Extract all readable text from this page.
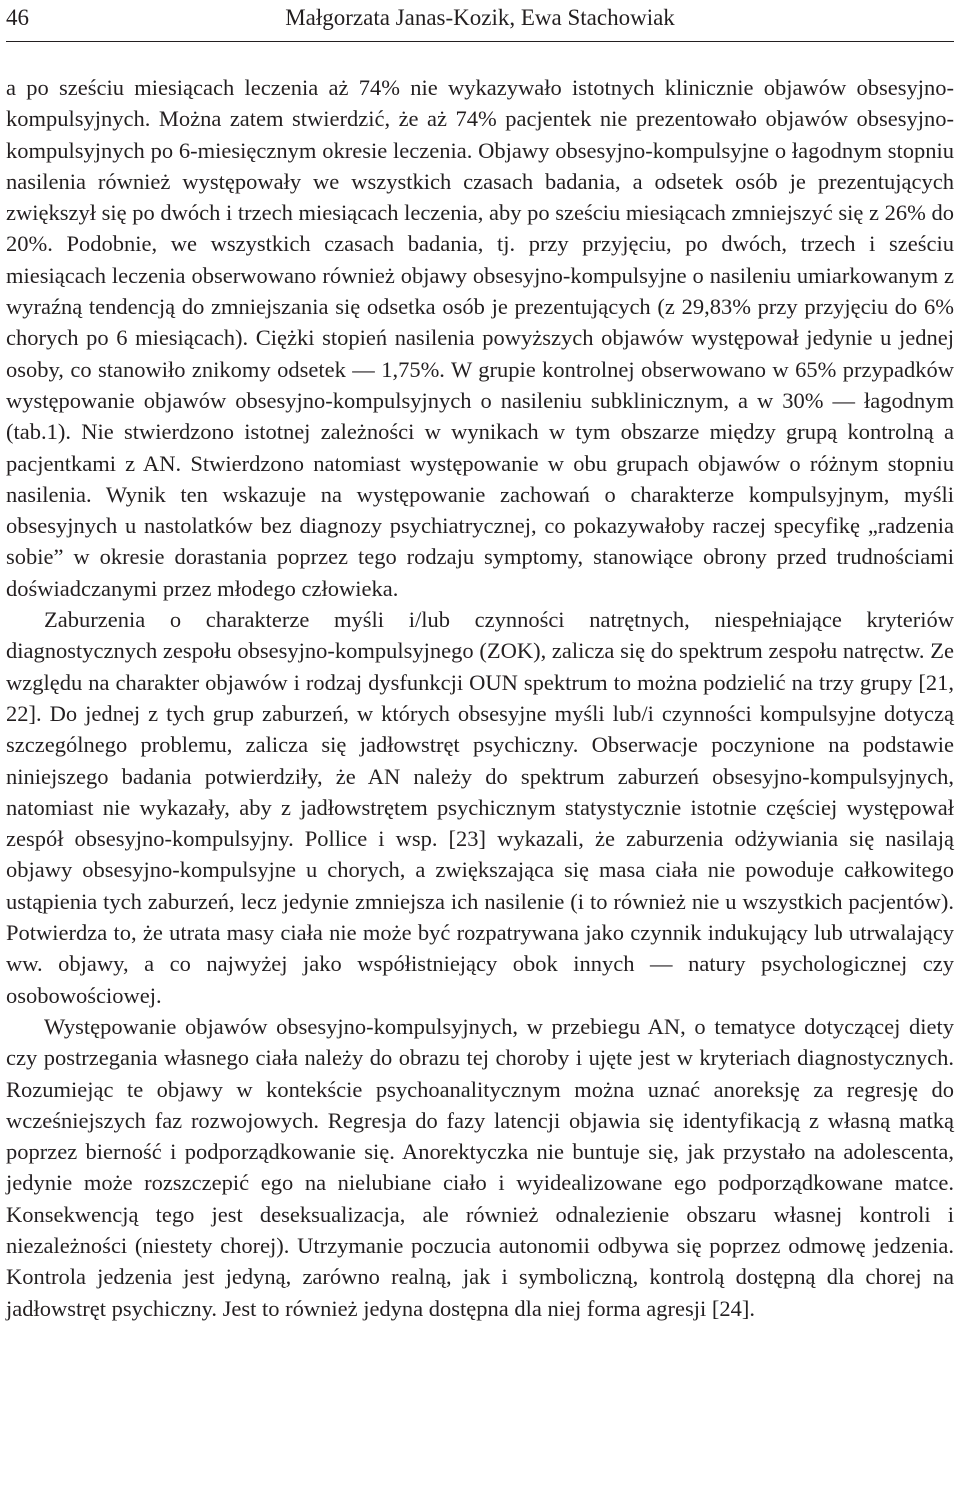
46	Małgorzata Janas-Kozik, Ewa Stachowiak

a po sześciu miesiącach leczenia aż 74% nie wykazywało istotnych klinicznie objawów obsesyjno-kompulsyjnych. Można zatem stwierdzić, że aż 74% pacjentek nie prezentowało objawów obsesyjno-kompulsyjnych po 6-miesięcznym okresie leczenia. Objawy obsesyjno-kompulsyjne o łagodnym stopniu nasilenia również występowały we wszystkich czasach badania, a odsetek osób je prezentujących zwiększył się po dwóch i trzech miesiącach leczenia, aby po sześciu miesiącach zmniejszyć się z 26% do 20%. Podobnie, we wszystkich czasach badania, tj. przy przyjęciu, po dwóch, trzech i sześciu miesiącach leczenia obserwowano również objawy obsesyjno-kompulsyjne o nasileniu umiarkowanym z wyraźną tendencją do zmniejszania się odsetka osób je prezentujących (z 29,83% przy przyjęciu do 6% chorych po 6 miesiącach). Ciężki stopień nasilenia powyższych objawów występował jedynie u jednej osoby, co stanowiło znikomy odsetek — 1,75%. W grupie kontrolnej obserwowano w 65% przypadków występowanie objawów obsesyjno-kompulsyjnych o nasileniu subklinicznym, a w 30% — łagodnym (tab.1). Nie stwierdzono istotnej zależności w wynikach w tym obszarze między grupą kontrolną a pacjentkami z AN. Stwierdzono natomiast występowanie w obu grupach objawów o różnym stopniu nasilenia. Wynik ten wskazuje na występowanie zachowań o charakterze kompulsyjnym, myśli obsesyjnych u nastolatków bez diagnozy psychiatrycznej, co pokazywałoby raczej specyfikę „radzenia sobie” w okresie dorastania poprzez tego rodzaju symptomy, stanowiące obrony przed trudnościami doświadczanymi przez młodego człowieka.

Zaburzenia o charakterze myśli i/lub czynności natrętnych, niespełniające kryteriów diagnostycznych zespołu obsesyjno-kompulsyjnego (ZOK), zalicza się do spektrum zespołu natręctw. Ze względu na charakter objawów i rodzaj dysfunkcji OUN spektrum to można podzielić na trzy grupy [21, 22]. Do jednej z tych grup zaburzeń, w których obsesyjne myśli lub/i czynności kompulsyjne dotyczą szczególnego problemu, zalicza się jadłowstręt psychiczny. Obserwacje poczynione na podstawie niniejszego badania potwierdziły, że AN należy do spektrum zaburzeń obsesyjno-kompulsyjnych, natomiast nie wykazały, aby z jadłowstrętem psychicznym statystycznie istotnie częściej występował zespół obsesyjno-kompulsyjny. Pollice i wsp. [23] wykazali, że zaburzenia odżywiania się nasilają objawy obsesyjno-kompulsyjne u chorych, a zwiększająca się masa ciała nie powoduje całkowitego ustąpienia tych zaburzeń, lecz jedynie zmniejsza ich nasilenie (i to również nie u wszystkich pacjentów). Potwierdza to, że utrata masy ciała nie może być rozpatrywana jako czynnik indukujący lub utrwalający ww. objawy, a co najwyżej jako współistniejący obok innych — natury psychologicznej czy osobowościowej.

Występowanie objawów obsesyjno-kompulsyjnych, w przebiegu AN, o tematyce dotyczącej diety czy postrzegania własnego ciała należy do obrazu tej choroby i ujęte jest w kryteriach diagnostycznych. Rozumiejąc te objawy w kontekście psychoanalitycznym można uznać anoreksję za regresję do wcześniejszych faz rozwojowych. Regresja do fazy latencji objawia się identyfikacją z własną matką poprzez bierność i podporządkowanie się. Anorektyczka nie buntuje się, jak przystało na adolescenta, jedynie może rozszczepić ego na nielubiane ciało i wyidealizowane ego podporządkowane matce. Konsekwencją tego jest deseksualizacja, ale również odnalezienie obszaru własnej kontroli i niezależności (niestety chorej). Utrzymanie poczucia autonomii odbywa się poprzez odmowę jedzenia. Kontrola jedzenia jest jedyną, zarówno realną, jak i symboliczną, kontrolą dostępną dla chorej na jadłowstręt psychiczny. Jest to również jedyna dostępna dla niej forma agresji [24].
